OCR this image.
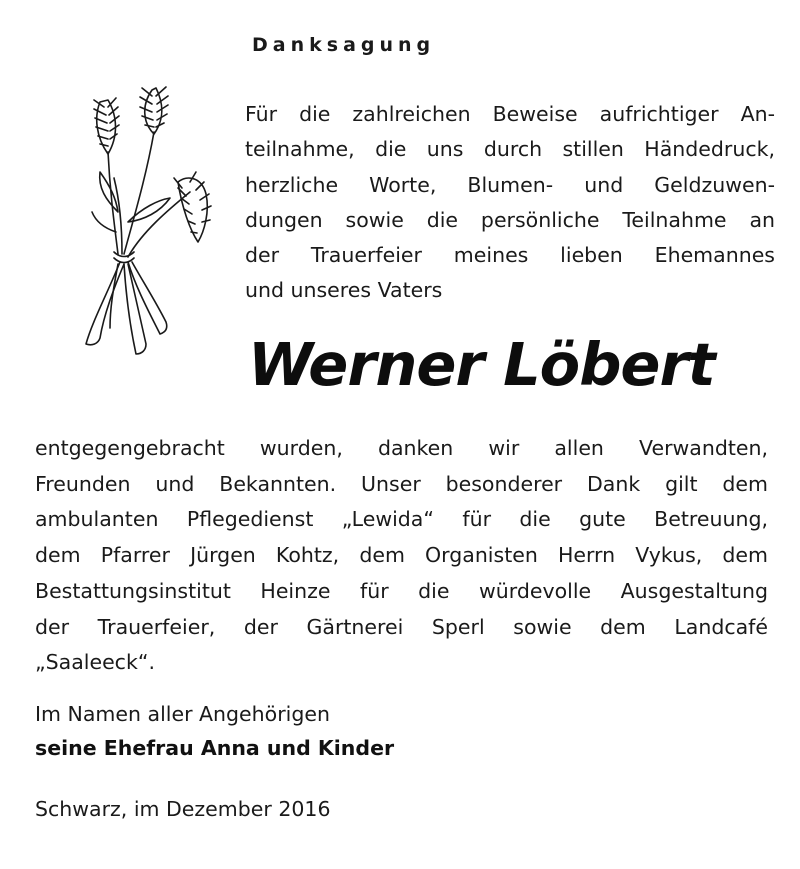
Danksagung
Für die zahlreichen Beweise aufrichtiger An-
teilnahme, die uns durch stillen Händedruck,
herzliche Worte, Blumen- und Geldzuwen-
dungen sowie die persönliche Teilnahme an
der Trauerfeier meines lieben Ehemannes
und unseres Vaters
Werner Löbert
entgegengebracht wurden, danken wir allen Verwandten,
Freunden und Bekannten. Unser besonderer Dank gilt dem
ambulanten Pflegedienst „Lewida“ für die gute Betreuung,
dem Pfarrer Jürgen Kohtz, dem Organisten Herrn Vykus, dem
Bestattungsinstitut Heinze für die würdevolle Ausgestaltung
der Trauerfeier, der Gärtnerei Sperl sowie dem Landcafé
„Saaleeck“.
Im Namen aller Angehörigen
seine Ehefrau Anna und Kinder
Schwarz, im Dezember 2016
